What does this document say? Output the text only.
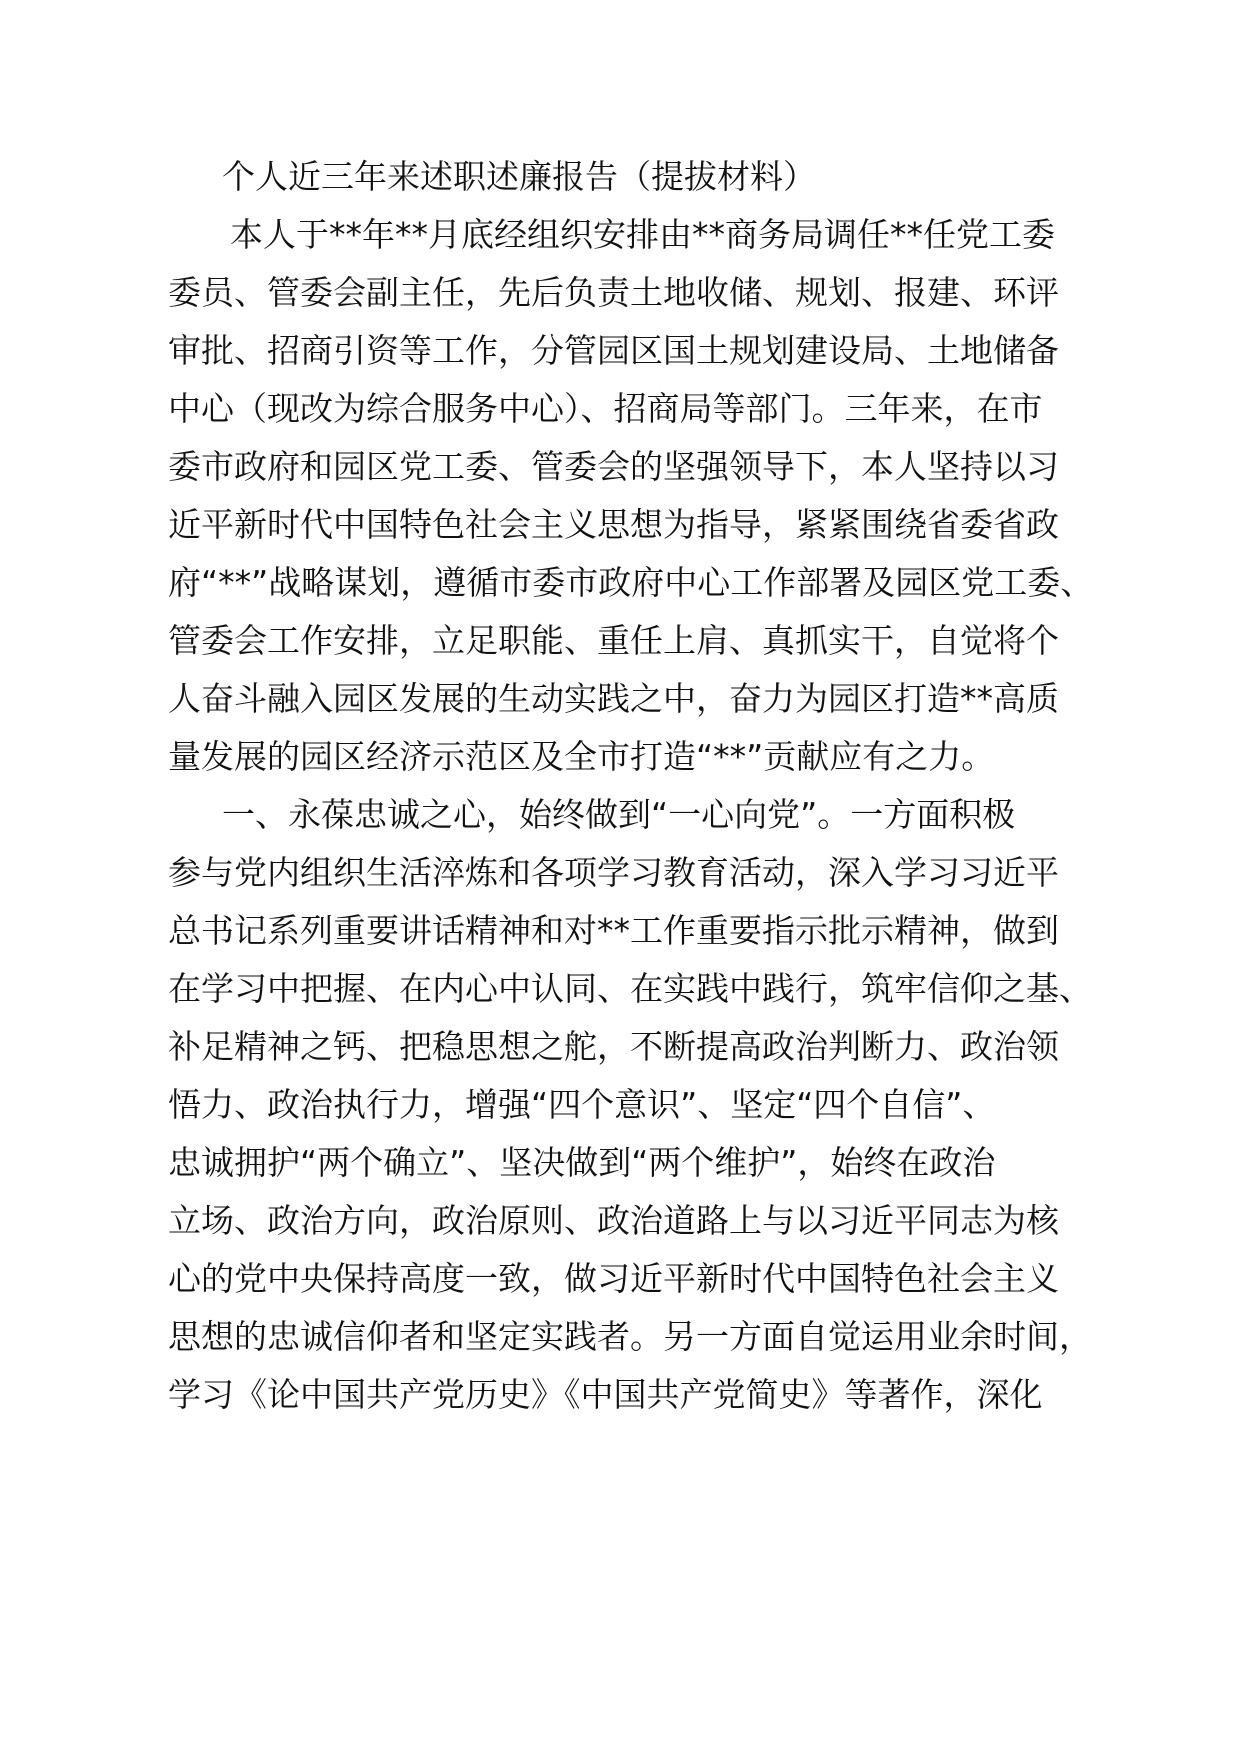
个人近三年来述职述廉报告（提拔材料）

本人于**年**月底经组织安排由**商务局调任**任党工委

委员、管委会副主任，先后负责土地收储、规划、报建、环评

审批、招商引资等工作，分管园区国土规划建设局、土地储备

中心（现改为综合服务中心）、招商局等部门。三年来，在市

委市政府和园区党工委、管委会的坚强领导下，本人坚持以习

近平新时代中国特色社会主义思想为指导，紧紧围绕省委省政

府“**”战略谋划，遵循市委市政府中心工作部署及园区党工委、

管委会工作安排，立足职能、重任上肩、真抓实干，自觉将个

人奋斗融入园区发展的生动实践之中，奋力为园区打造**高质

量发展的园区经济示范区及全市打造“**”贡献应有之力。

一、永葆忠诚之心，始终做到“一心向党”。一方面积极

参与党内组织生活淬炼和各项学习教育活动，深入学习习近平

总书记系列重要讲话精神和对**工作重要指示批示精神，做到

在学习中把握、在内心中认同、在实践中践行，筑牢信仰之基、

补足精神之钙、把稳思想之舵，不断提高政治判断力、政治领

悟力、政治执行力，增强“四个意识”、坚定“四个自信”、

忠诚拥护“两个确立”、坚决做到“两个维护”，始终在政治

立场、政治方向，政治原则、政治道路上与以习近平同志为核

心的党中央保持高度一致，做习近平新时代中国特色社会主义

思想的忠诚信仰者和坚定实践者。另一方面自觉运用业余时间，

学习《论中国共产党历史》《中国共产党简史》等著作，深化
